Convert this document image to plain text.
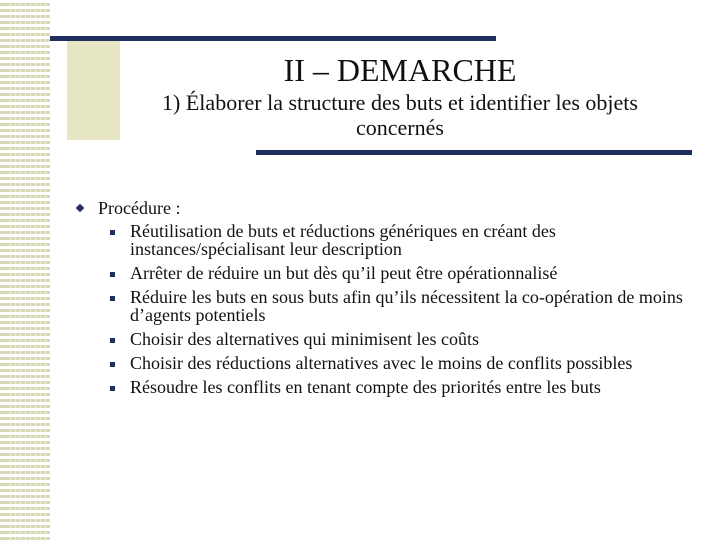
II – DEMARCHE
1) Élaborer la structure des buts et identifier les objets concernés
Procédure :
Réutilisation de buts et réductions génériques en créant des instances/spécialisant leur description
Arrêter de réduire un but dès qu’il peut être opérationnalisé
Réduire les buts en sous buts afin qu’ils nécessitent la co-opération de moins d’agents potentiels
Choisir des alternatives qui minimisent les coûts
Choisir des réductions alternatives avec le moins de conflits possibles
Résoudre les conflits en tenant compte des priorités entre les buts
